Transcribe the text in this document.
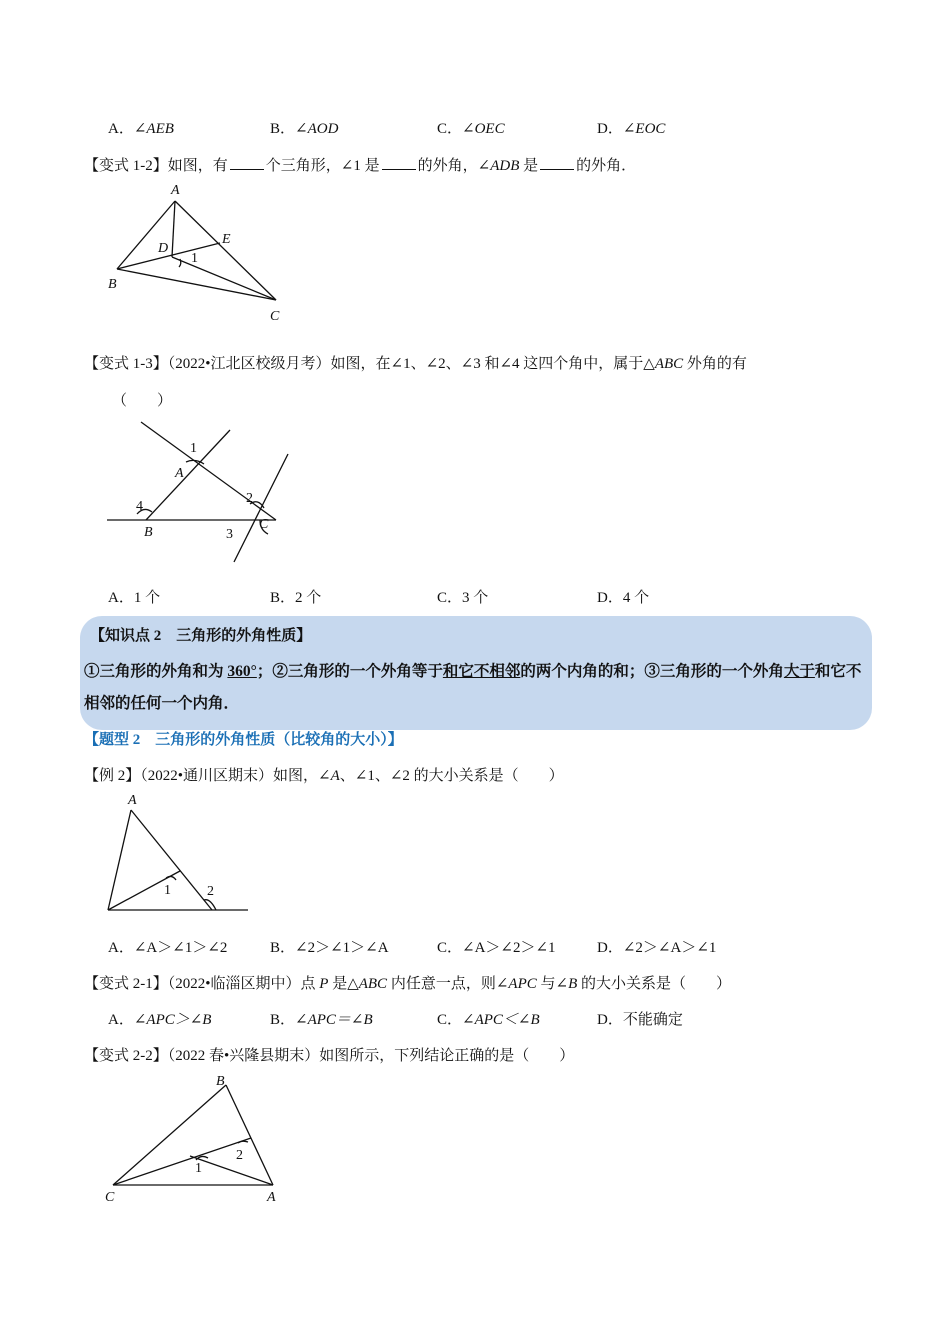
A．∠AEB	B．∠AOD	C．∠OEC	D．∠EOC
【变式 1-2】如图，有	个三角形，∠1 是	的外角，∠ADB 是	的外角．
A
B
C
D
E
1
【变式 1-3】（2022•江北区校级月考）如图，在∠1、∠2、∠3 和∠4 这四个角中，属于△ABC 外角的有
（　　）
A
B
C
1
2
3
4
A．1 个	B．2 个	C．3 个	D．4 个
【知识点 2　三角形的外角性质】
①三角形的外角和为 360°；②三角形的一个外角等于和它不相邻的两个内角的和；③三角形的一个外角大于和它不相邻的任何一个内角．
【题型 2　三角形的外角性质（比较角的大小）】
【例 2】（2022•通川区期末）如图，∠A、∠1、∠2 的大小关系是（　　）
A
1	2
A．∠A＞∠1＞∠2	B．∠2＞∠1＞∠A	C．∠A＞∠2＞∠1	D．∠2＞∠A＞∠1
【变式 2-1】（2022•临淄区期中）点 P 是△ABC 内任意一点，则∠APC 与∠B 的大小关系是（　　）
A．∠APC＞∠B	B．∠APC＝∠B	C．∠APC＜∠B	D．不能确定
【变式 2-2】（2022 春•兴隆县期末）如图所示，下列结论正确的是（　　）
B
C	A
1
2
